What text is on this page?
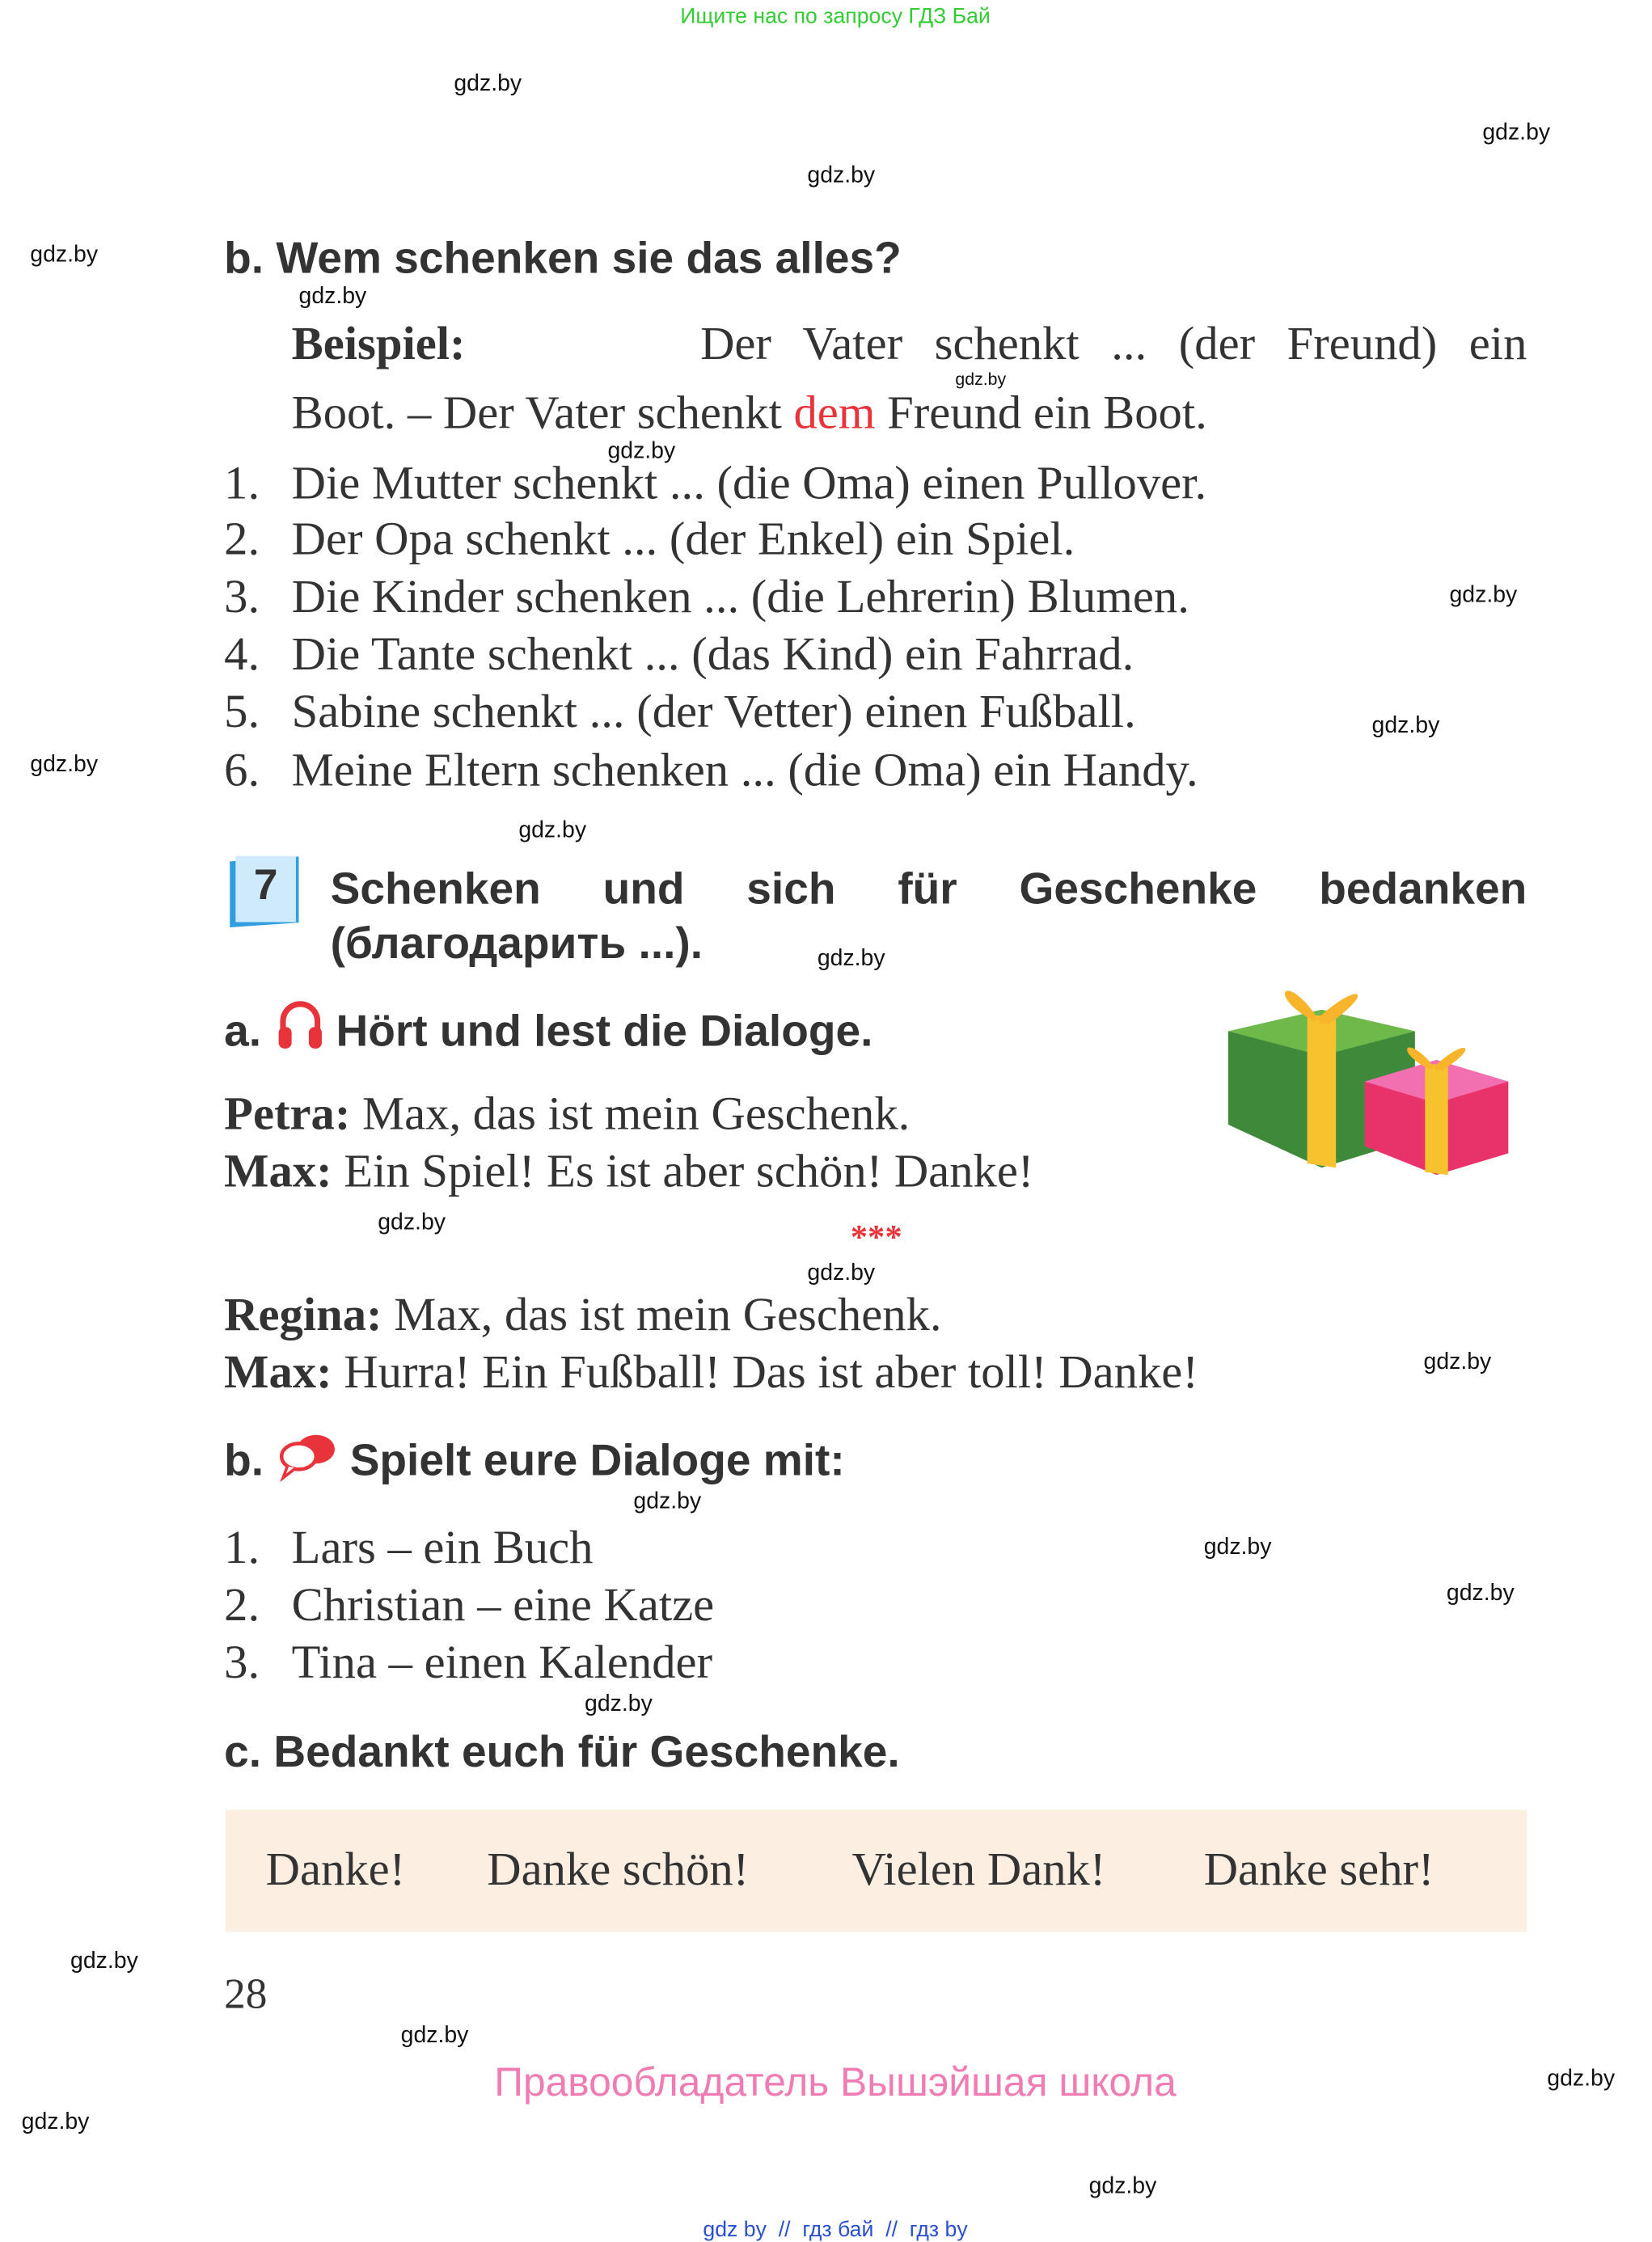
Ищите нас по запросу ГДЗ Бай
gdz.by
gdz.by
gdz.by
gdz.by
gdz.by
gdz.by
gdz.by
gdz.by
gdz.by
gdz.by
gdz.by
gdz.by
gdz.by
gdz.by
gdz.by
gdz.by
gdz.by
gdz.by
gdz.by
gdz.by
gdz.by
gdz.by
gdz.by
gdz.by
b. Wem schenken sie das alles?
Beispiel:	Der Vater schenkt ... (der Freund) ein
Boot. – Der Vater schenkt dem Freund ein Boot.
1. Die Mutter schenkt ... (die Oma) einen Pullover.
2. Der Opa schenkt ... (der Enkel) ein Spiel.
3. Die Kinder schenken ... (die Lehrerin) Blumen.
4. Die Tante schenkt ... (das Kind) ein Fahrrad.
5. Sabine schenkt ... (der Vetter) einen Fußball.
6. Meine Eltern schenken ... (die Oma) ein Handy.
7	Schenken und sich für Geschenke bedanken
(благодарить ...).
a.	Hört und lest die Dialoge.
Petra: Max, das ist mein Geschenk.
Max: Ein Spiel! Es ist aber schön! Danke!
***
Regina: Max, das ist mein Geschenk.
Max: Hurra! Ein Fußball! Das ist aber toll! Danke!
b.	Spielt eure Dialoge mit:
1. Lars – ein Buch
2. Christian – eine Katze
3. Tina – einen Kalender
c. Bedankt euch für Geschenke.
Danke!	Danke schön!	Vielen Dank!	Danke sehr!
28
Правообладатель Вышэйшая школа
gdz by  //  гдз бай  //  гдз by
